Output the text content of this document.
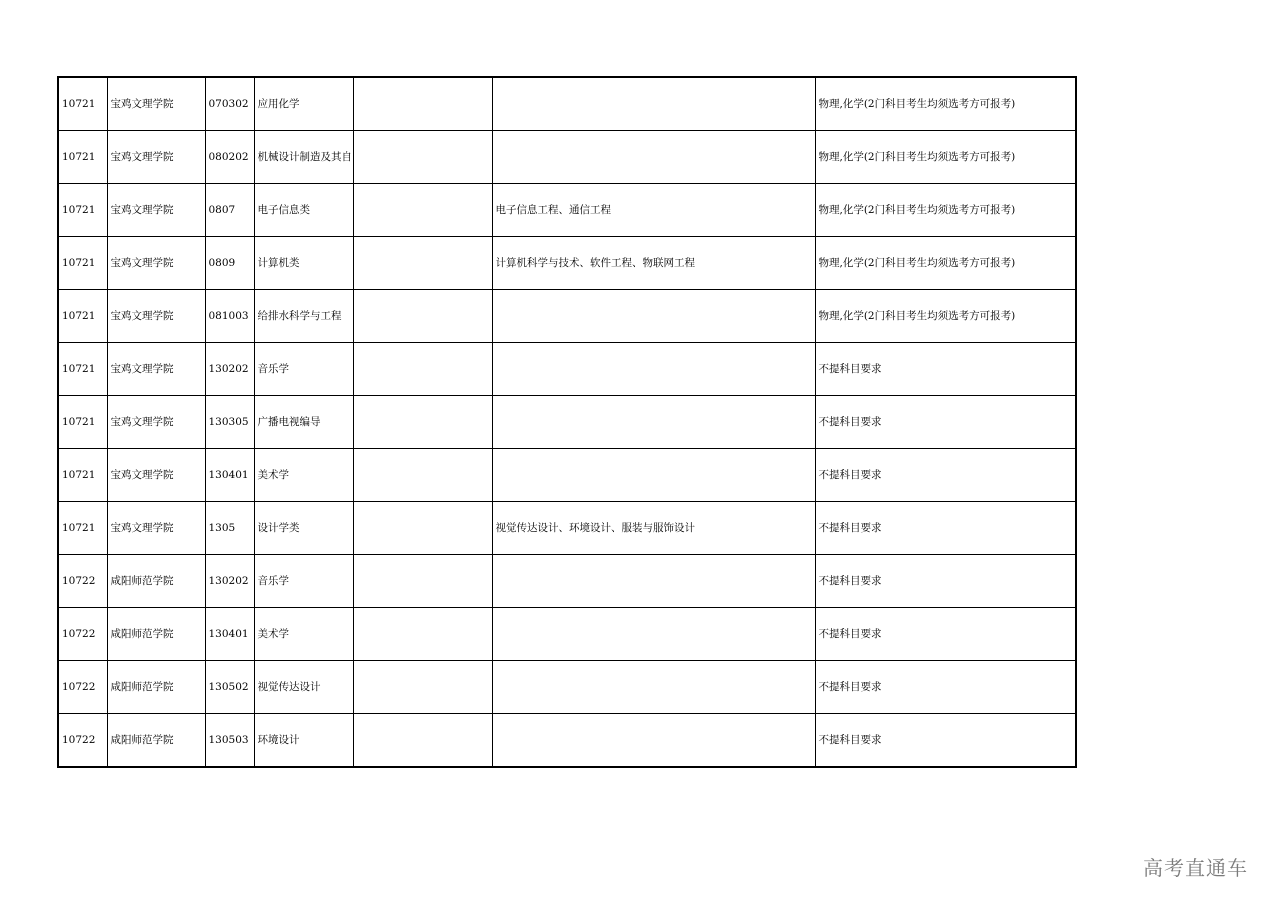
10721	宝鸡文理学院	070302	应用化学			物理,化学(2门科目考生均须选考方可报考)
10721	宝鸡文理学院	080202	机械设计制造及其自			物理,化学(2门科目考生均须选考方可报考)
10721	宝鸡文理学院	0807	电子信息类		电子信息工程、通信工程	物理,化学(2门科目考生均须选考方可报考)
10721	宝鸡文理学院	0809	计算机类		计算机科学与技术、软件工程、物联网工程	物理,化学(2门科目考生均须选考方可报考)
10721	宝鸡文理学院	081003	给排水科学与工程			物理,化学(2门科目考生均须选考方可报考)
10721	宝鸡文理学院	130202	音乐学			不提科目要求
10721	宝鸡文理学院	130305	广播电视编导			不提科目要求
10721	宝鸡文理学院	130401	美术学			不提科目要求
10721	宝鸡文理学院	1305	设计学类		视觉传达设计、环境设计、服装与服饰设计	不提科目要求
10722	咸阳师范学院	130202	音乐学			不提科目要求
10722	咸阳师范学院	130401	美术学			不提科目要求
10722	咸阳师范学院	130502	视觉传达设计			不提科目要求
10722	咸阳师范学院	130503	环境设计			不提科目要求
高考直通车
